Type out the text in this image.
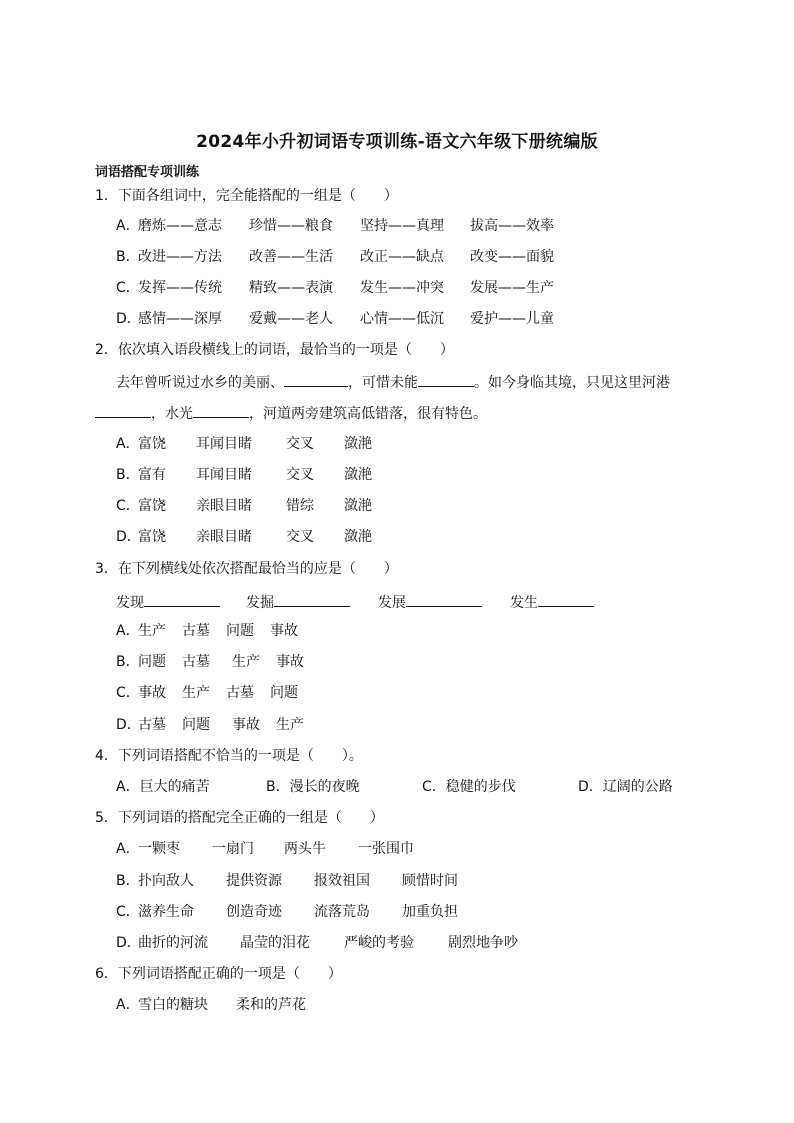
2024年小升初词语专项训练-语文六年级下册统编版
词语搭配专项训练
1．下面各组词中，完全能搭配的一组是（　　）
A．
磨炼——意志 珍惜——粮食 坚持——真理 拔高——效率
B．
改进——方法 改善——生活 改正——缺点 改变——面貌
C．
发挥——传统 精致——表演 发生——冲突 发展——生产
D．
感情——深厚 爱戴——老人 心情——低沉 爱护——儿童
2．依次填入语段横线上的词语，最恰当的一项是（　　）
去年曾听说过水乡的美丽、	，可惜未能	。如今身临其境，只见这里河港
，水光	，河道两旁建筑高低错落，很有特色。
A．
富饶 耳闻目睹 交叉 潋滟
B．
富有 耳闻目睹 交叉 潋滟
C．
富饶 亲眼目睹 错综 潋滟
D．
富饶 亲眼目睹 交叉 潋滟
3．在下列横线处依次搭配最恰当的应是（　　）
发现	发掘	发展	发生
A．
生产 古墓 问题 事故
B．
问题 古墓 生产 事故
C．
事故 生产 古墓 问题
D．
古墓 问题 事故 生产
4．下列词语搭配不恰当的一项是（　　）。
A．巨大的痛苦	B．漫长的夜晚	C．稳健的步伐	D．辽阔的公路
5．下列词语的搭配完全正确的一组是（　　）
A．
一颗枣 一扇门 两头牛 一张围巾
B．
扑向敌人 提供资源 报效祖国 顾惜时间
C．
滋养生命 创造奇迹 流落荒岛 加重负担
D．
曲折的河流 晶莹的泪花 严峻的考验 剧烈地争吵
6．下列词语搭配正确的一项是（　　）
A．
雪白的糖块 柔和的芦花
